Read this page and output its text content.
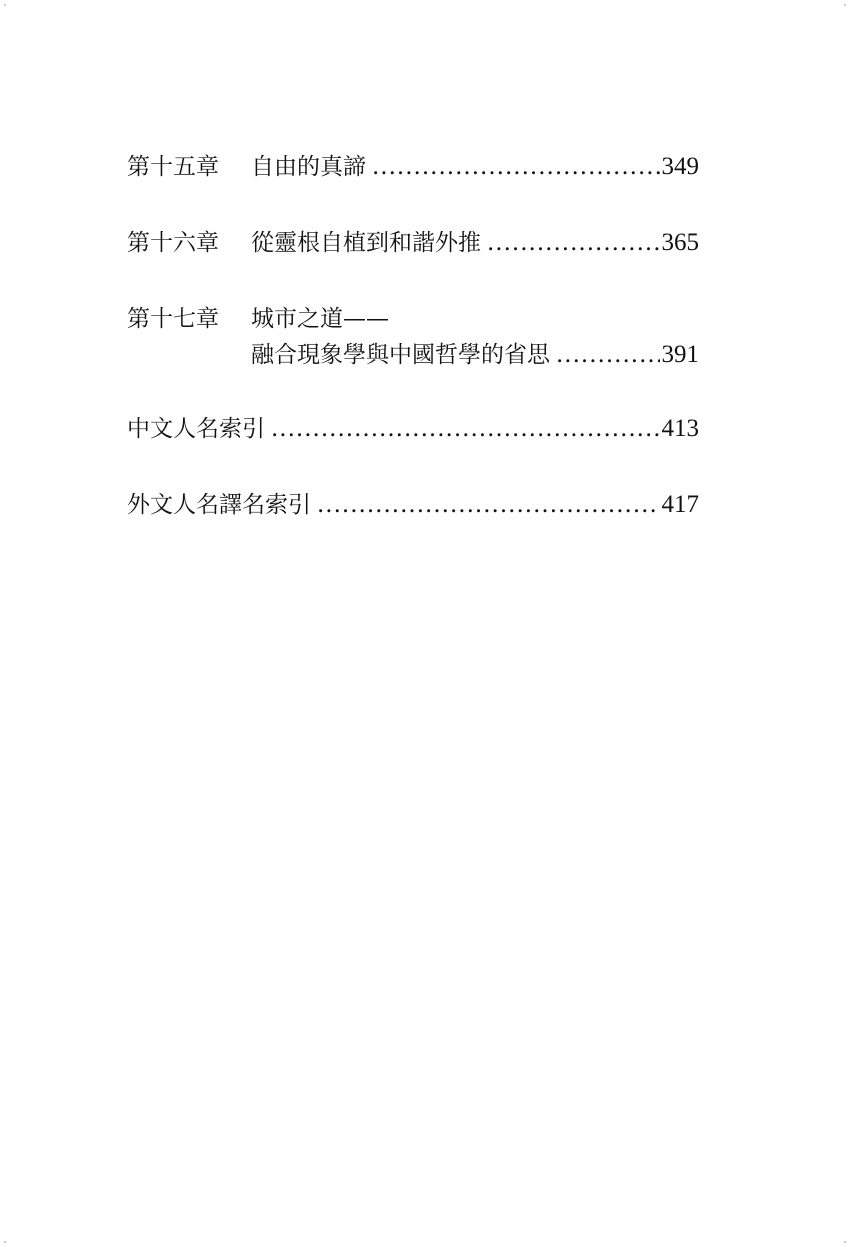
第十五章 自由的真諦 .....	349
第十六章 從靈根自植到和諧外推 .....	365
第十七章 城市之道——
融合現象學與中國哲學的省思 .....	391
中文人名索引 .....	413
外文人名譯名索引 .....	417
